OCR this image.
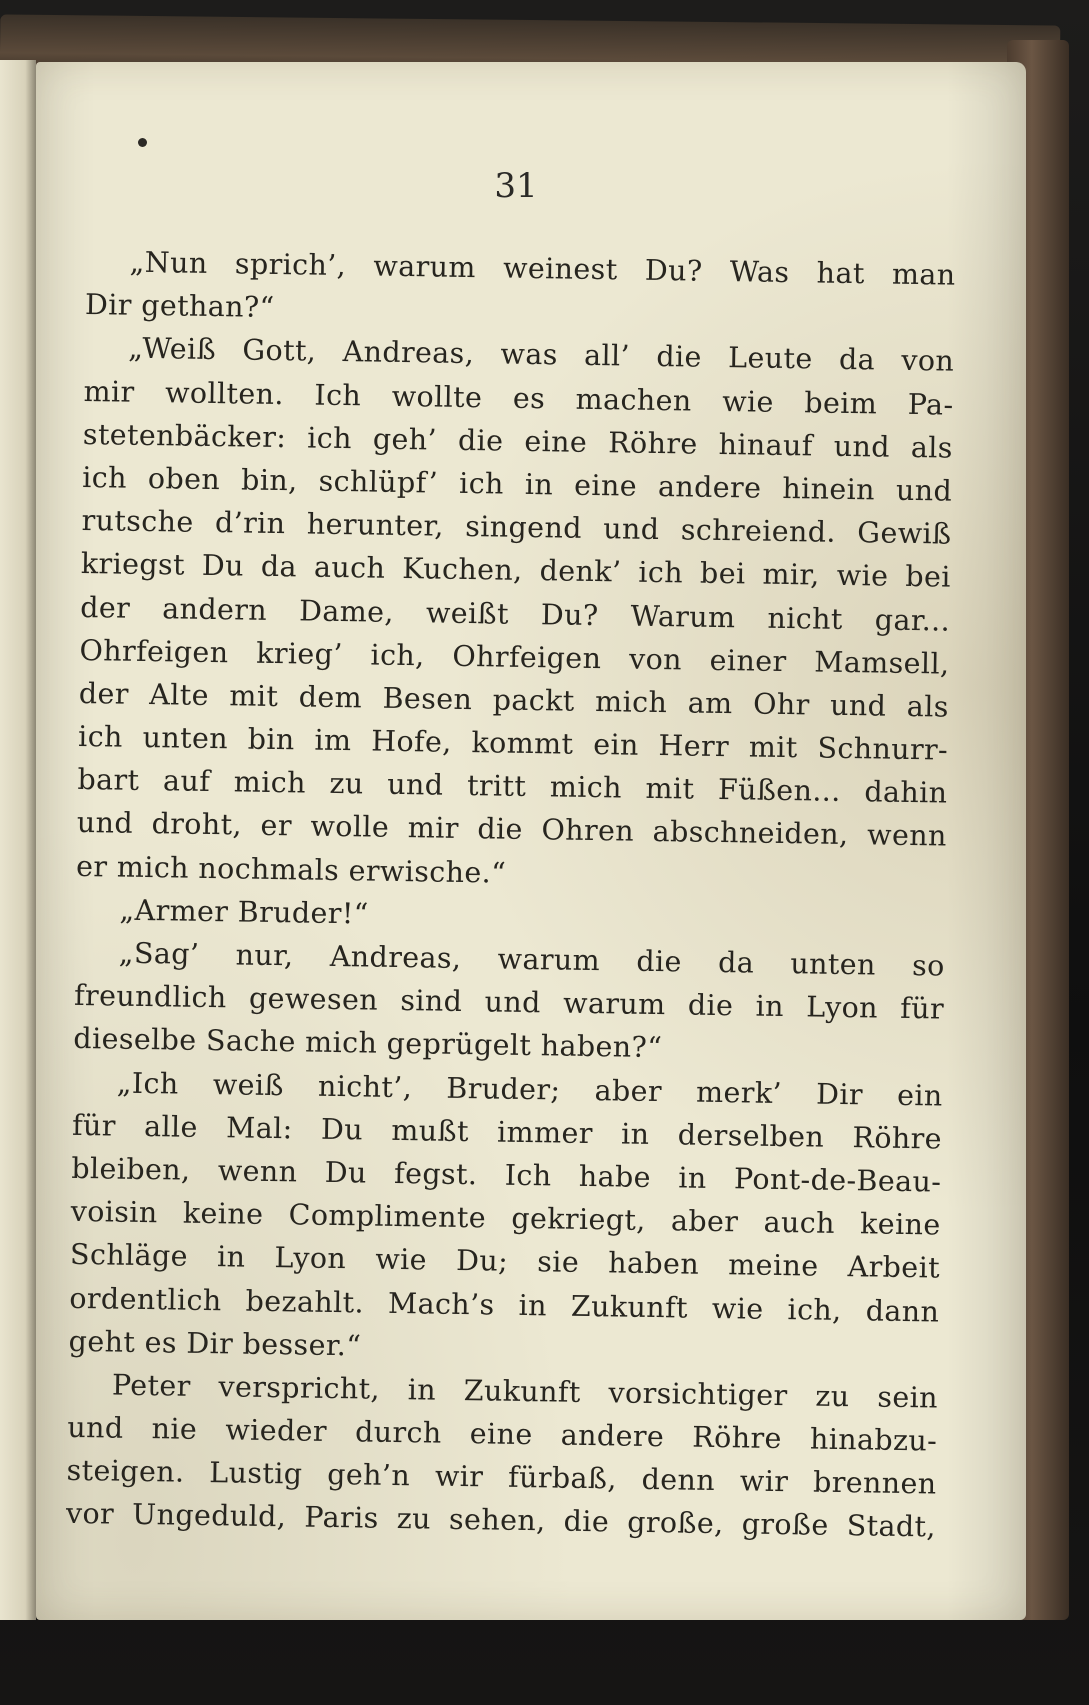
31
„Nun sprich’, warum weinest Du? Was hat man
Dir gethan?“
„Weiß Gott, Andreas, was all’ die Leute da von
mir wollten. Ich wollte es machen wie beim Pa-
stetenbäcker: ich geh’ die eine Röhre hinauf und als
ich oben bin, schlüpf’ ich in eine andere hinein und
rutsche d’rin herunter, singend und schreiend. Gewiß
kriegst Du da auch Kuchen, denk’ ich bei mir, wie bei
der andern Dame, weißt Du? Warum nicht gar...
Ohrfeigen krieg’ ich, Ohrfeigen von einer Mamsell,
der Alte mit dem Besen packt mich am Ohr und als
ich unten bin im Hofe, kommt ein Herr mit Schnurr-
bart auf mich zu und tritt mich mit Füßen... dahin
und droht, er wolle mir die Ohren abschneiden, wenn
er mich nochmals erwische.“
„Armer Bruder!“
„Sag’ nur, Andreas, warum die da unten so
freundlich gewesen sind und warum die in Lyon für
dieselbe Sache mich geprügelt haben?“
„Ich weiß nicht’, Bruder; aber merk’ Dir ein
für alle Mal: Du mußt immer in derselben Röhre
bleiben, wenn Du fegst. Ich habe in Pont-de-Beau-
voisin keine Complimente gekriegt, aber auch keine
Schläge in Lyon wie Du; sie haben meine Arbeit
ordentlich bezahlt. Mach’s in Zukunft wie ich, dann
geht es Dir besser.“
Peter verspricht, in Zukunft vorsichtiger zu sein
und nie wieder durch eine andere Röhre hinabzu-
steigen. Lustig geh’n wir fürbaß, denn wir brennen
vor Ungeduld, Paris zu sehen, die große, große Stadt,
